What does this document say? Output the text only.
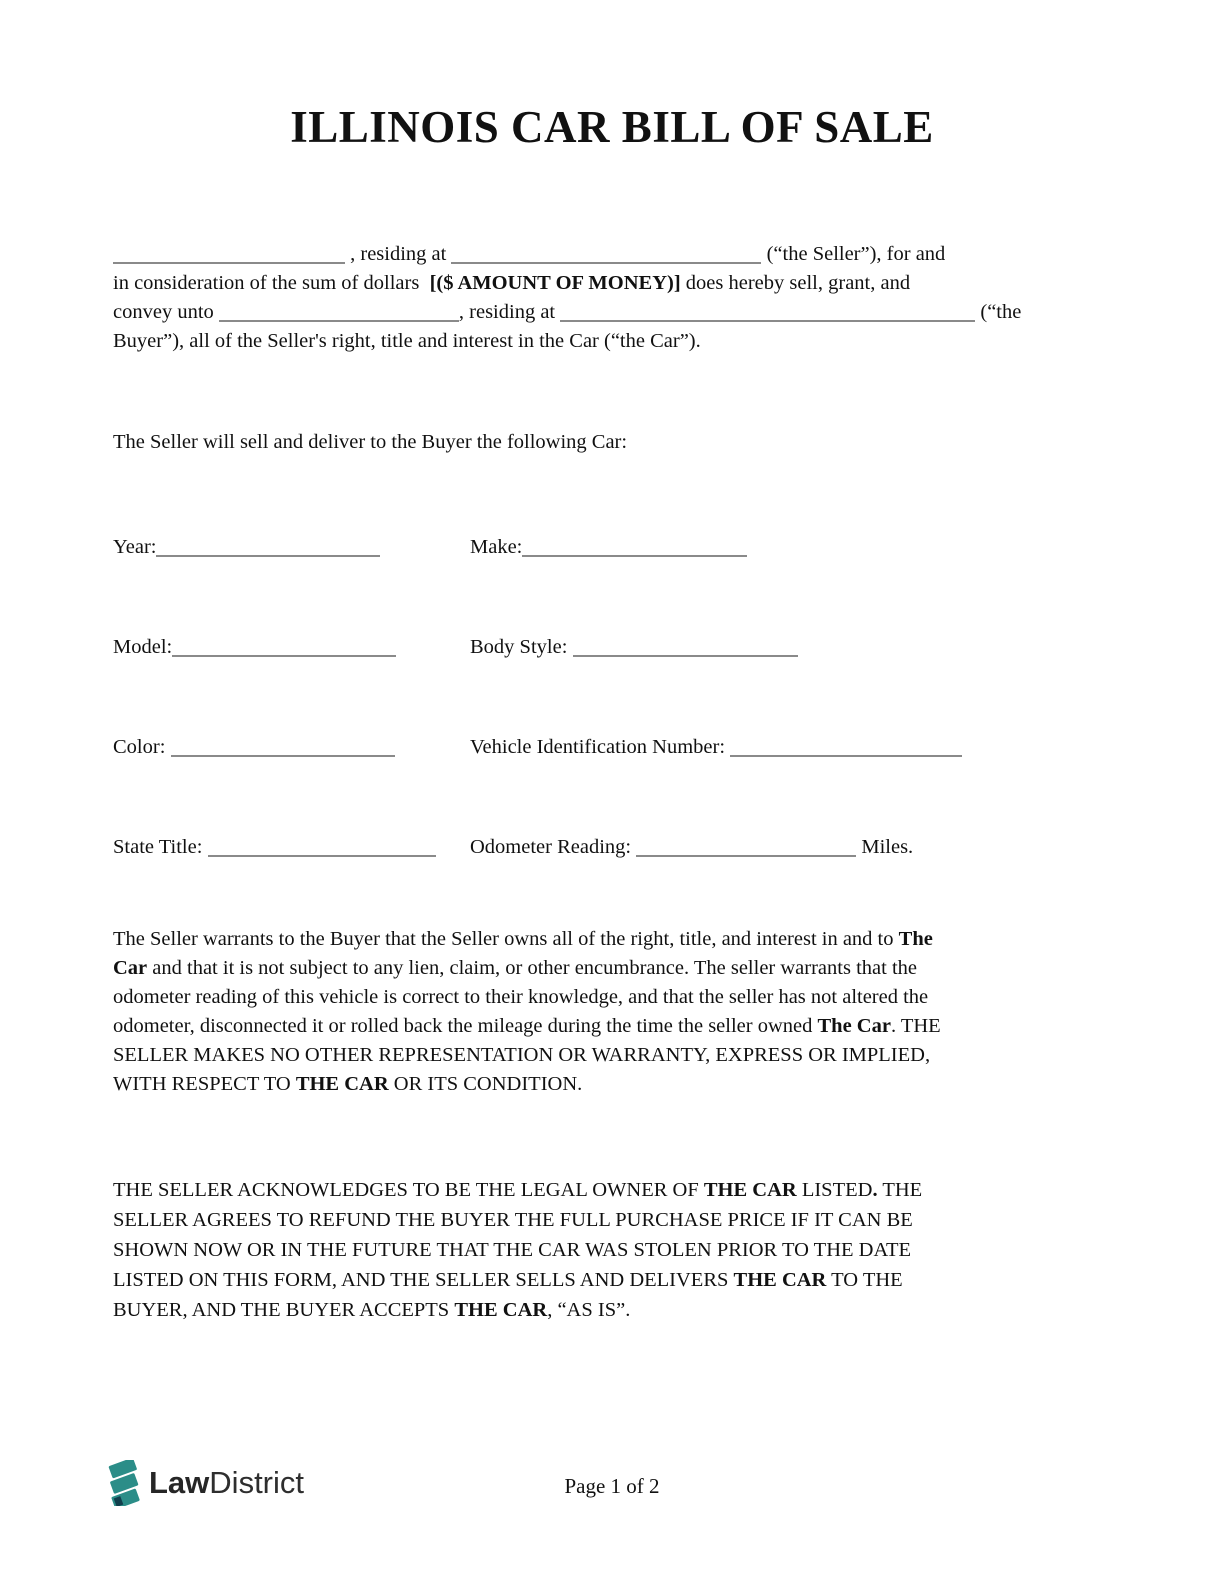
ILLINOIS CAR BILL OF SALE
, residing at	(“the Seller”), for and
in consideration of the sum of dollars  [($ AMOUNT OF MONEY)] does hereby sell, grant, and
convey unto	, residing at	(“the
Buyer”), all of the Seller's right, title and interest in the Car (“the Car”).
The Seller will sell and deliver to the Buyer the following Car:
Year:	Make:
Model:	Body Style:
Color:	Vehicle Identification Number:
State Title:	Odometer Reading:	Miles.
The Seller warrants to the Buyer that the Seller owns all of the right, title, and interest in and to The
Car and that it is not subject to any lien, claim, or other encumbrance. The seller warrants that the
odometer reading of this vehicle is correct to their knowledge, and that the seller has not altered the
odometer, disconnected it or rolled back the mileage during the time the seller owned The Car. THE
SELLER MAKES NO OTHER REPRESENTATION OR WARRANTY, EXPRESS OR IMPLIED,
WITH RESPECT TO THE CAR OR ITS CONDITION.
THE SELLER ACKNOWLEDGES TO BE THE LEGAL OWNER OF THE CAR LISTED. THE
SELLER AGREES TO REFUND THE BUYER THE FULL PURCHASE PRICE IF IT CAN BE
SHOWN NOW OR IN THE FUTURE THAT THE CAR WAS STOLEN PRIOR TO THE DATE
LISTED ON THIS FORM, AND THE SELLER SELLS AND DELIVERS THE CAR TO THE
BUYER, AND THE BUYER ACCEPTS THE CAR, “AS IS”.
Law District	Page 1 of 2
